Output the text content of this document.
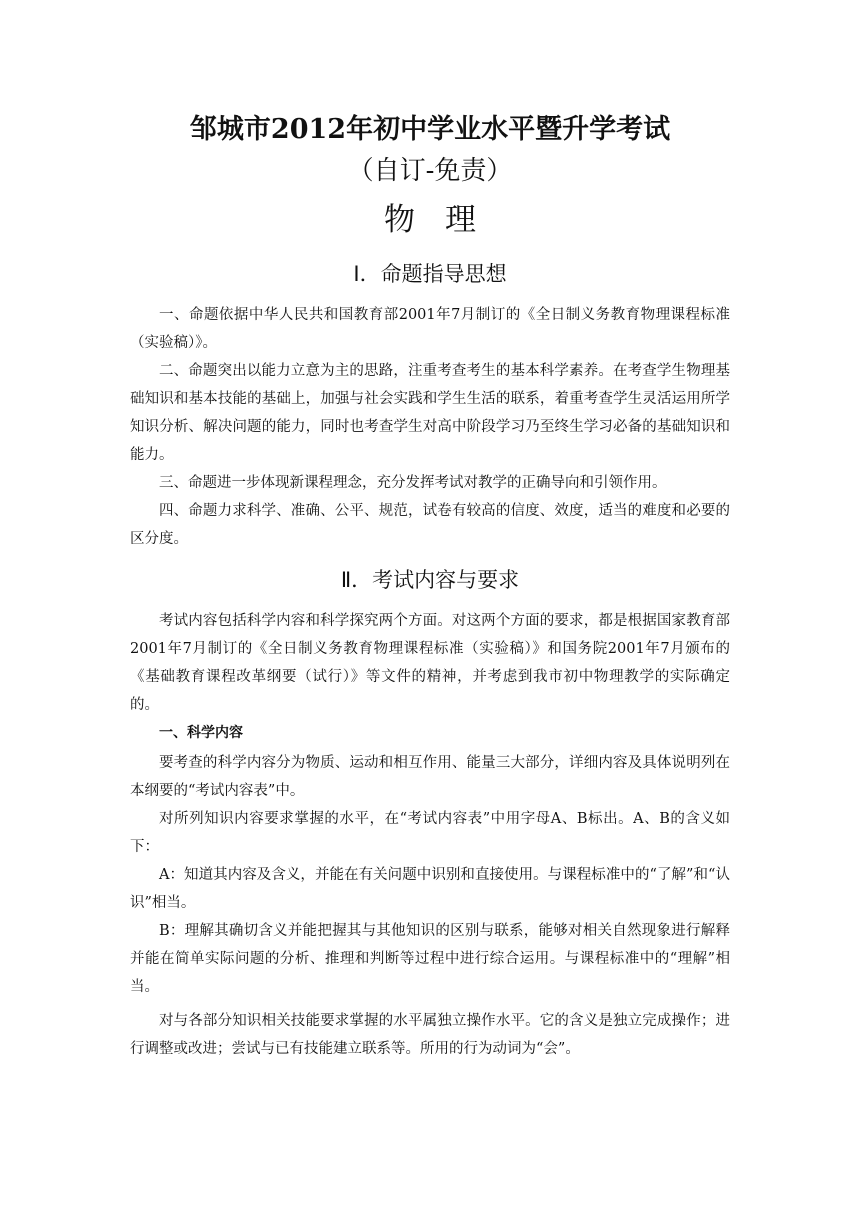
邹城市2012年初中学业水平暨升学考试
（自订-免责）
物理
Ⅰ．命题指导思想

一、命题依据中华人民共和国教育部2001年7月制订的《全日制义务教育物理课程标准（实验稿）》。

二、命题突出以能力立意为主的思路，注重考查考生的基本科学素养。在考查学生物理基础知识和基本技能的基础上，加强与社会实践和学生生活的联系，着重考查学生灵活运用所学知识分析、解决问题的能力，同时也考查学生对高中阶段学习乃至终生学习必备的基础知识和能力。

三、命题进一步体现新课程理念，充分发挥考试对教学的正确导向和引领作用。

四、命题力求科学、准确、公平、规范，试卷有较高的信度、效度，适当的难度和必要的区分度。

Ⅱ．考试内容与要求

考试内容包括科学内容和科学探究两个方面。对这两个方面的要求，都是根据国家教育部2001年7月制订的《全日制义务教育物理课程标准（实验稿）》和国务院2001年7月颁布的《基础教育课程改革纲要（试行）》等文件的精神，并考虑到我市初中物理教学的实际确定的。

一、科学内容

要考查的科学内容分为物质、运动和相互作用、能量三大部分，详细内容及具体说明列在本纲要的“考试内容表”中。

对所列知识内容要求掌握的水平，在“考试内容表”中用字母A、B标出。A、B的含义如下：

A：知道其内容及含义，并能在有关问题中识别和直接使用。与课程标准中的“了解”和“认识”相当。

B：理解其确切含义并能把握其与其他知识的区别与联系，能够对相关自然现象进行解释并能在简单实际问题的分析、推理和判断等过程中进行综合运用。与课程标准中的“理解”相当。

对与各部分知识相关技能要求掌握的水平属独立操作水平。它的含义是独立完成操作；进行调整或改进；尝试与已有技能建立联系等。所用的行为动词为“会”。
